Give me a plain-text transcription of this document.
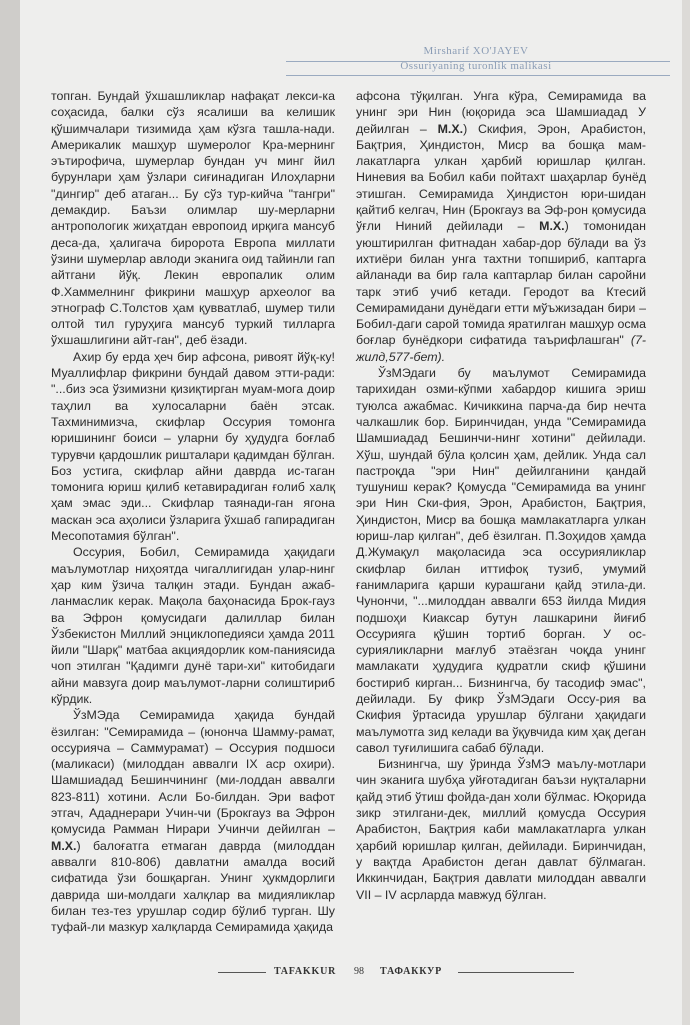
Mirsharif XO'JAYEV
Ossuriyaning turonlik malikasi

топган. Бундай ўхшашликлар нафақат лекси-ка соҳасида, балки сўз ясалиши ва келишик қўшимчалари тизимида ҳам кўзга ташла-нади. Америкалик машҳур шумеролог Кра-мернинг эътирофича, шумерлар бундан уч минг йил бурунлари ҳам ўзлари сиғинадиган Илоҳларни "дингир" деб атаган... Бу сўз тур-кийча "тангри" демакдир. Баъзи олимлар шу-мерларни антропологик жиҳатдан европоид ирқига мансуб деса-да, ҳалигача биророта Европа миллати ўзини шумерлар авлоди эканига оид тайинли гап айтгани йўқ. Лекин европалик олим Ф.Хаммелнинг фикрини машҳур археолог ва этнограф С.Толстов ҳам қувватлаб, шумер тили олтой тил гуруҳига мансуб туркий тилларга ўхшашлигини айт-ган", деб ёзади.

Ахир бу ерда ҳеч бир афсона, ривоят йўқ-ку! Муаллифлар фикрини бундай давом этти-ради: "...биз эса ўзимизни қизиқтирган муам-мога доир таҳлил ва хулосаларни баён этсак. Тахминимизча, скифлар Оссурия томонга юришининг боиси – уларни бу ҳудудга боғлаб турувчи қардошлик ришталари қадимдан бўлган. Боз устига, скифлар айни даврда ис-таган томонига юриш қилиб кетавирадиган ғолиб халқ ҳам эмас эди... Скифлар таянади-ган ягона маскан эса аҳолиси ўзларига ўхшаб гапирадиган Месопотамия бўлган".

Оссурия, Бобил, Семирамида ҳақидаги маълумотлар ниҳоятда чигаллигидан улар-нинг ҳар ким ўзича талқин этади. Бундан ажаб-ланмаслик керак. Мақола баҳонасида Брок-гауз ва Эфрон қомусидаги далиллар билан Ўзбекистон Миллий энциклопедияси ҳамда 2011 йили "Шарқ" матбаа акциядорлик ком-паниясида чоп этилган "Қадимги дунё тари-хи" китобидаги айни мавзуга доир маълумот-ларни солиштириб кўрдик.

ЎзМЭда Семирамида ҳақида бундай ёзилган: "Семирамида – (юнонча Шамму-рамат, оссурияча – Саммурамат) – Оссурия подшоси (маликаси) (милоддан аввалги IX аср охири). Шамшиадад Бешинчининг (ми-лоддан аввалги 823-811) хотини. Асли Бо-билдан. Эри вафот этгач, Ададнерари Учин-чи (Брокгауз ва Эфрон қомусида Рамман Нирари Учинчи дейилган – М.Х.) балоғатга етмаган даврда (милоддан аввалги 810-806) давлатни амалда восий сифатида ўзи бошқарган. Унинг ҳукмдорлиги даврида ши-молдаги халқлар ва мидияликлар билан тез-тез урушлар содир бўлиб турган. Шу туфай-ли мазкур халқларда Семирамида ҳақида

афсона тўқилган. Унга кўра, Семирамида ва унинг эри Нин (юқорида эса Шамшиадад У дейилган – М.Х.) Скифия, Эрон, Арабистон, Бақтрия, Ҳиндистон, Миср ва бошқа мам-лакатларга улкан ҳарбий юришлар қилган. Ниневия ва Бобил каби пойтахт шаҳарлар бунёд этишган. Семирамида Ҳиндистон юри-шидан қайтиб келгач, Нин (Брокгауз ва Эф-рон қомусида ўғли Ниний дейилади – М.Х.) томонидан уюштирилган фитнадан хабар-дор бўлади ва ўз ихтиёри билан унга тахтни топшириб, каптарга айланади ва бир гала каптарлар билан саройни тарк этиб учиб кетади. Геродот ва Ктесий Семирамидани дунёдаги етти мўъжизадан бири – Бобил-даги сарой томида яратилган машҳур осма боғлар бунёдкори сифатида таърифлашган" (7-жилд,577-бет).

ЎзМЭдаги бу маълумот Семирамида тарихидан озми-кўпми хабардор кишига эриш туюлса ажабмас. Кичиккина парча-да бир нечта чалкашлик бор. Биринчидан, унда "Семирамида Шамшиадад Бешинчи-нинг хотини" дейилади. Хўш, шундай бўла қолсин ҳам, дейлик. Унда сал пастроқда "эри Нин" дейилганини қандай тушуниш керак? Қомусда "Семирамида ва унинг эри Нин Ски-фия, Эрон, Арабистон, Бақтрия, Ҳиндистон, Миср ва бошқа мамлакатларга улкан юриш-лар қилган", деб ёзилган. П.Зоҳидов ҳамда Д.Жумақул мақоласида эса оссурияликлар скифлар билан иттифоқ тузиб, умумий ғанимларига қарши курашгани қайд этила-ди. Чунончи, "...милоддан аввалги 653 йилда Мидия подшоҳи Киаксар бутун лашкарини йиғиб Оссурияга қўшин тортиб борган. У ос-сурияликларни мағлуб этаёзган чоқда унинг мамлакати ҳудудига қудратли скиф қўшини бостириб кирган... Бизнингча, бу тасодиф эмас", дейилади. Бу фикр ЎзМЭдаги Оссу-рия ва Скифия ўртасида урушлар бўлгани ҳақидаги маълумотга зид келади ва ўқувчида ким ҳақ деган савол туғилишига сабаб бўлади.

Бизнингча, шу ўринда ЎзМЭ маълу-мотлари чин эканига шубҳа уйғотадиган баъзи нуқталарни қайд этиб ўтиш фойда-дан холи бўлмас. Юқорида зикр этилгани-дек, миллий қомусда Оссурия Арабистон, Бақтрия каби мамлакатларга улкан ҳарбий юришлар қилган, дейилади. Биринчидан, у вақтда Арабистон деган давлат бўлмаган. Иккинчидан, Бақтрия давлати милоддан аввалги VII – IV асрларда мавжуд бўлган.

TAFAKKUR 98 ТАФАККУР
